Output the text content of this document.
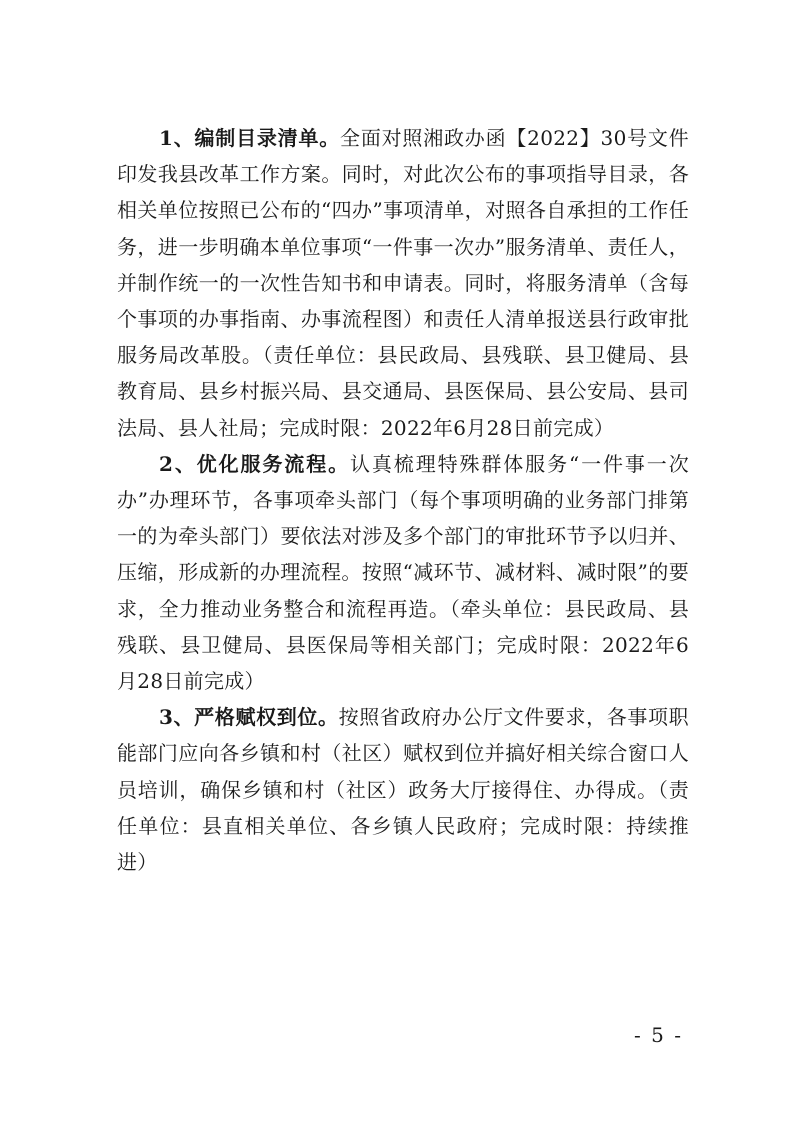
1、编制目录清单。全面对照湘政办函【2022】30号文件印发我县改革工作方案。同时，对此次公布的事项指导目录，各相关单位按照已公布的“四办”事项清单，对照各自承担的工作任务，进一步明确本单位事项“一件事一次办”服务清单、责任人，并制作统一的一次性告知书和申请表。同时，将服务清单（含每个事项的办事指南、办事流程图）和责任人清单报送县行政审批服务局改革股。（责任单位：县民政局、县残联、县卫健局、县教育局、县乡村振兴局、县交通局、县医保局、县公安局、县司法局、县人社局；完成时限：2022年6月28日前完成）

2、优化服务流程。认真梳理特殊群体服务“一件事一次办”办理环节，各事项牵头部门（每个事项明确的业务部门排第一的为牵头部门）要依法对涉及多个部门的审批环节予以归并、压缩，形成新的办理流程。按照“减环节、减材料、减时限”的要求，全力推动业务整合和流程再造。（牵头单位：县民政局、县残联、县卫健局、县医保局等相关部门；完成时限：2022年6月28日前完成）

3、严格赋权到位。按照省政府办公厅文件要求，各事项职能部门应向各乡镇和村（社区）赋权到位并搞好相关综合窗口人员培训，确保乡镇和村（社区）政务大厅接得住、办得成。（责任单位：县直相关单位、各乡镇人民政府；完成时限：持续推进）

- 5 -
